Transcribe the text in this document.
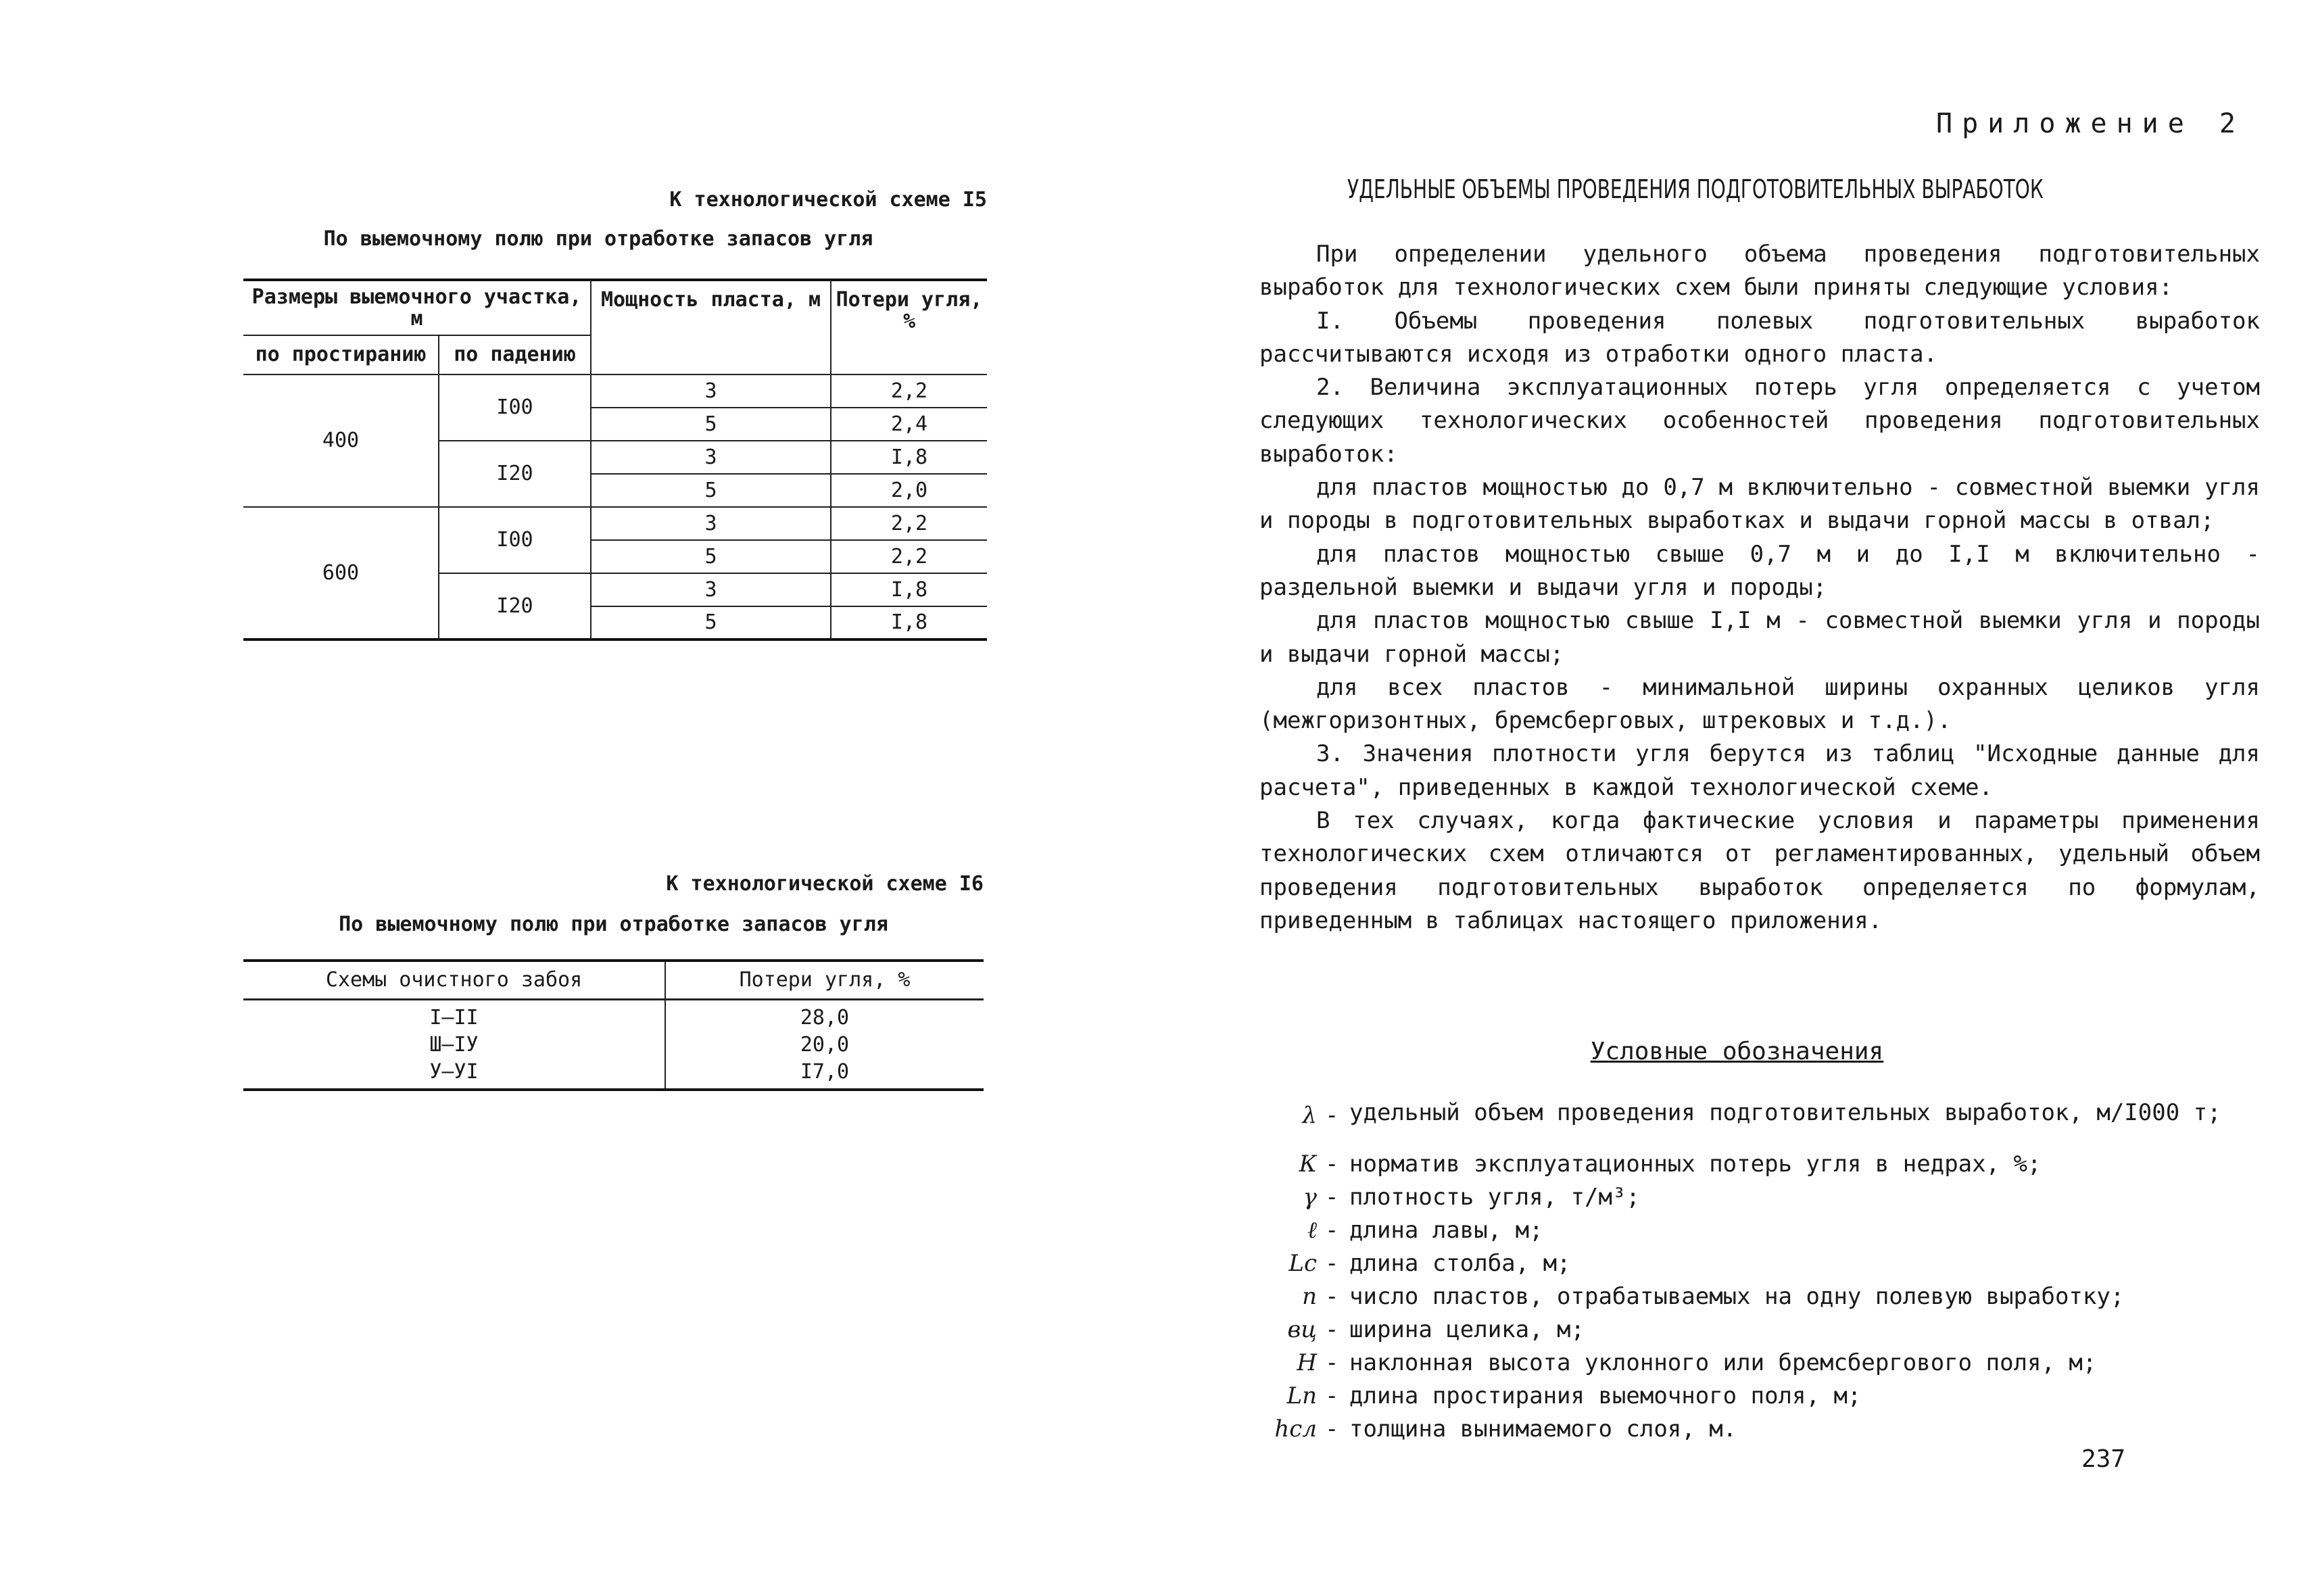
К технологической схеме I5
По выемочному полю при отработке запасов угля
Размеры выемочного участка, м		Мощность пласта, м	Потери угля, %
по простиранию	по падению		
400	I00	3	2,2
		5	2,4
	I20	3	I,8
		5	2,0
600	I00	3	2,2
		5	2,2
	I20	3	I,8
		5	I,8
К технологической схеме I6
По выемочному полю при отработке запасов угля
Схемы очистного забоя	Потери угля, %
I–II	28,0
Ш–IУ	20,0
У–УI	I7,0
Приложение 2
УДЕЛЬНЫЕ ОБЪЕМЫ ПРОВЕДЕНИЯ ПОДГОТОВИТЕЛЬНЫХ ВЫРАБОТОК

При определении удельного объема проведения подготовительных выработок для технологических схем были приняты следующие условия:

I. Объемы проведения полевых подготовительных выработок рассчитываются исходя из отработки одного пласта.

2. Величина эксплуатационных потерь угля определяется с учетом следующих технологических особенностей проведения подготовительных выработок:

для пластов мощностью до 0,7 м включительно - совместной выемки угля и породы в подготовительных выработках и выдачи горной массы в отвал;

для пластов мощностью свыше 0,7 м и до I,I м включительно - раздельной выемки и выдачи угля и породы;

для пластов мощностью свыше I,I м - совместной выемки угля и породы и выдачи горной массы;

для всех пластов - минимальной ширины охранных целиков угля (межгоризонтных, бремсберговых, штрековых и т.д.).

3. Значения плотности угля берутся из таблиц "Исходные данные для расчета", приведенных в каждой технологической схеме.

В тех случаях, когда фактические условия и параметры применения технологических схем отличаются от регламентированных, удельный объем проведения подготовительных выработок определяется по формулам, приведенным в таблицах настоящего приложения.

Условные обозначения
λ - удельный объем проведения подготовительных выработок, м/I000 т;
К - норматив эксплуатационных потерь угля в недрах, %;
γ - плотность угля, т/м³;
ℓ - длина лавы, м;
Lс - длина столба, м;
n - число пластов, отрабатываемых на одну полевую выработку;
вц - ширина целика, м;
Н - наклонная высота уклонного или бремсбергового поля, м;
Lп - длина простирания выемочного поля, м;
hсл - толщина вынимаемого слоя, м.
237
